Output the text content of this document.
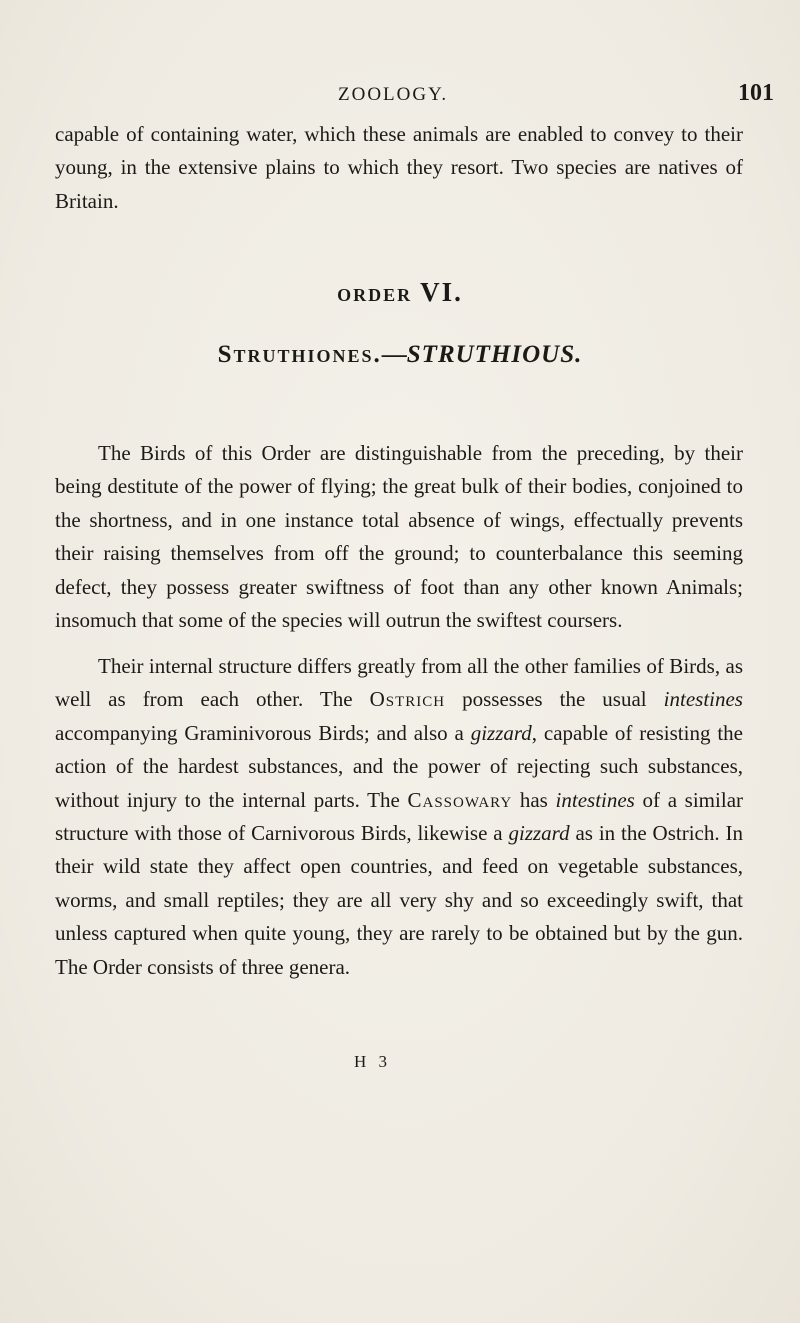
ZOOLOGY.	101

capable of containing water, which these animals are enabled to convey to their young, in the extensive plains to which they resort. Two species are natives of Britain.

ORDER VI.
Struthiones.—STRUTHIOUS.

The Birds of this Order are distinguishable from the preceding, by their being destitute of the power of flying; the great bulk of their bodies, conjoined to the shortness, and in one instance total absence of wings, effectually prevents their raising themselves from off the ground; to counterbalance this seeming defect, they possess greater swiftness of foot than any other known Animals; insomuch that some of the species will outrun the swiftest coursers.

Their internal structure differs greatly from all the other families of Birds, as well as from each other. The Ostrich possesses the usual intestines accompanying Graminivorous Birds; and also a gizzard, capable of resisting the action of the hardest substances, and the power of rejecting such substances, without injury to the internal parts. The Cassowary has intestines of a similar structure with those of Carnivorous Birds, likewise a gizzard as in the Ostrich. In their wild state they affect open countries, and feed on vegetable substances, worms, and small reptiles; they are all very shy and so exceedingly swift, that unless captured when quite young, they are rarely to be obtained but by the gun. The Order consists of three genera.

H 3
